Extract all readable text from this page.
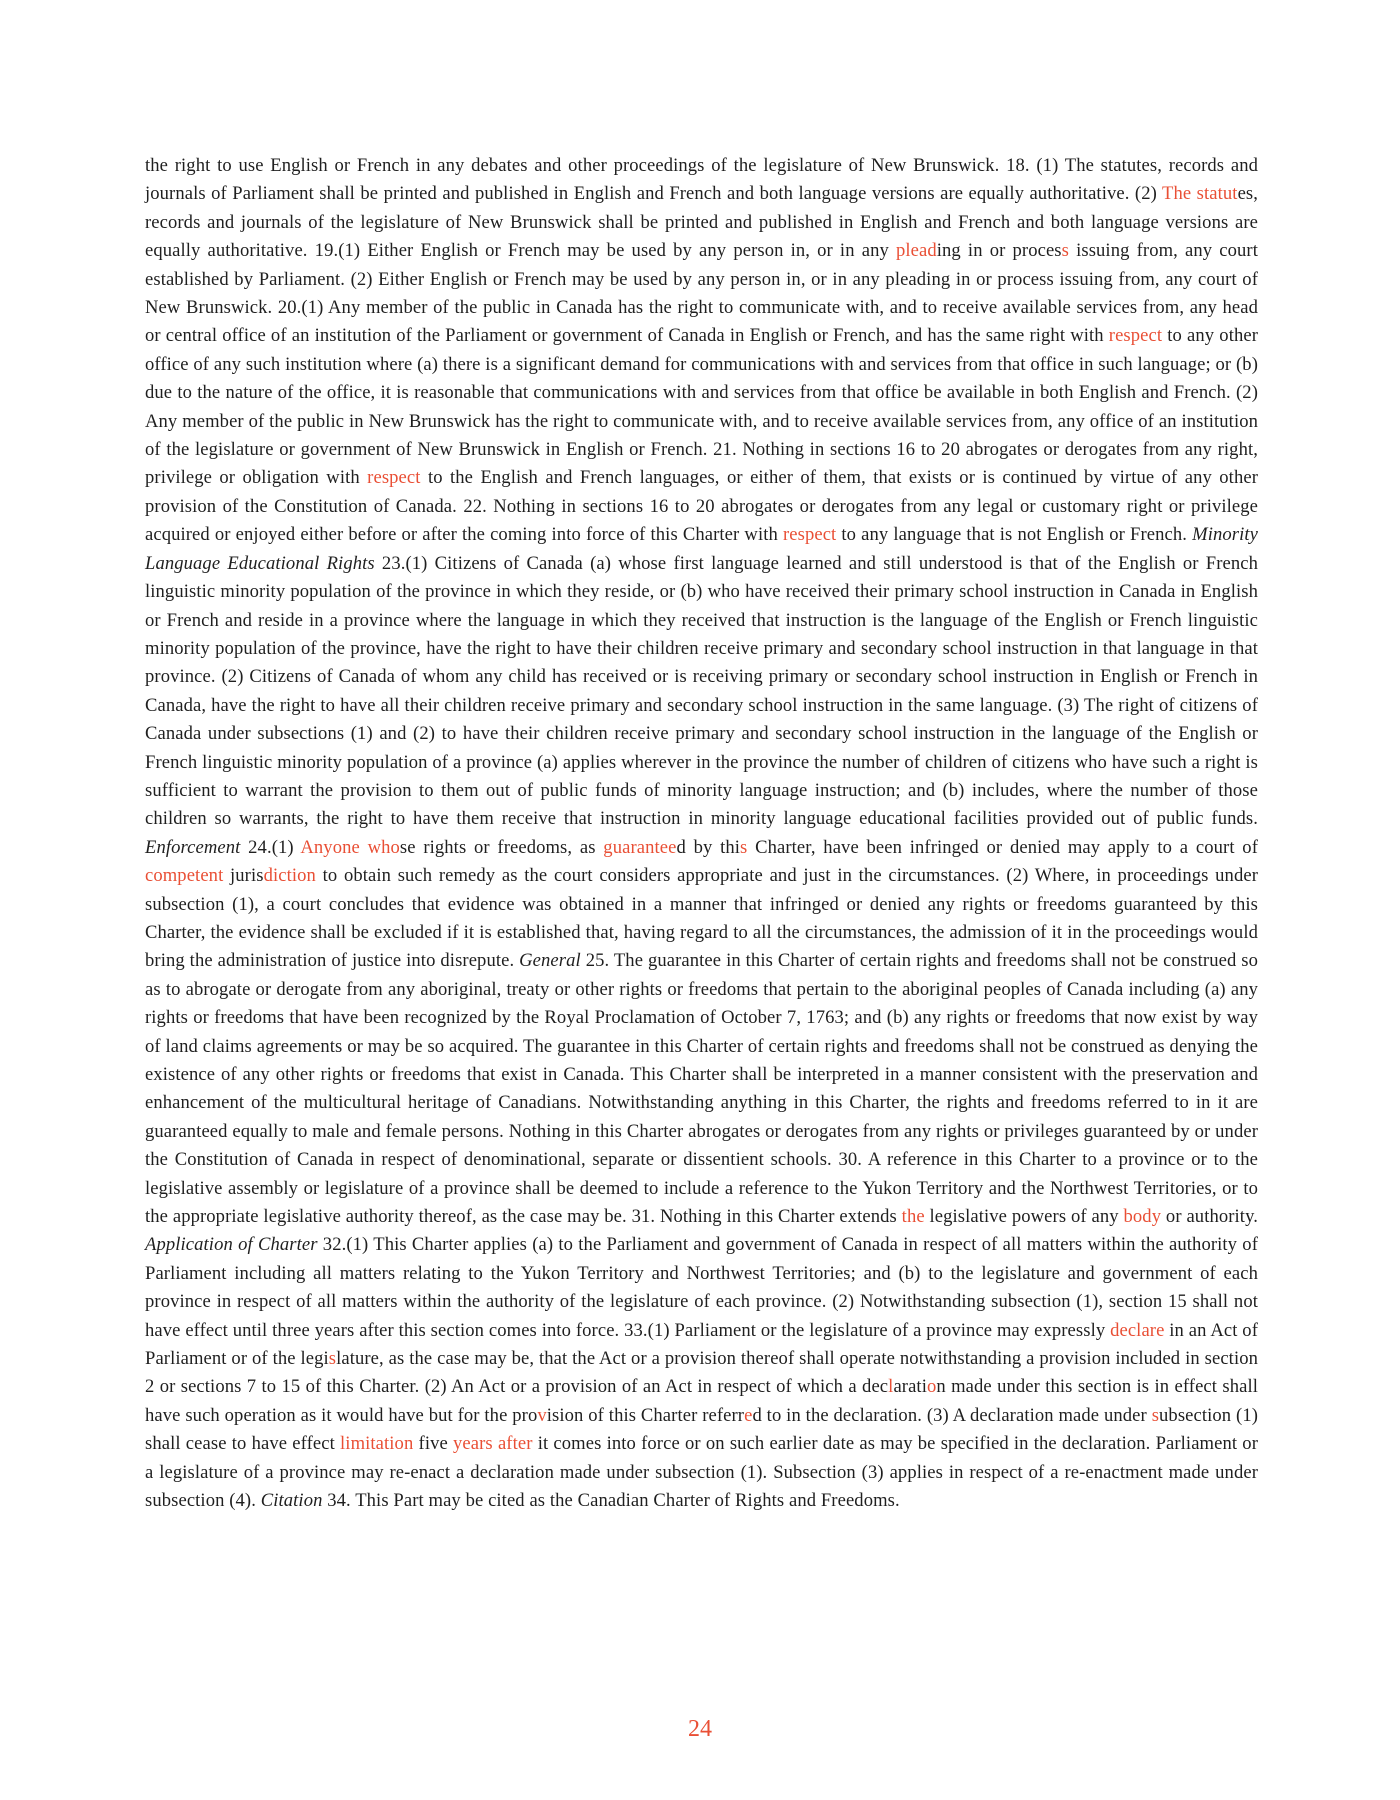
the right to use English or French in any debates and other proceedings of the legislature of New Brunswick. 18. (1) The statutes, records and journals of Parliament shall be printed and published in English and French and both language versions are equally authoritative. (2) The statutes, records and journals of the legislature of New Brunswick shall be printed and published in English and French and both language versions are equally authoritative. 19.(1) Either English or French may be used by any person in, or in any pleading in or process issuing from, any court established by Parliament. (2) Either English or French may be used by any person in, or in any pleading in or process issuing from, any court of New Brunswick. 20.(1) Any member of the public in Canada has the right to communicate with, and to receive available services from, any head or central office of an institution of the Parliament or government of Canada in English or French, and has the same right with respect to any other office of any such institution where (a) there is a significant demand for communications with and services from that office in such language; or (b) due to the nature of the office, it is reasonable that communications with and services from that office be available in both English and French. (2) Any member of the public in New Brunswick has the right to communicate with, and to receive available services from, any office of an institution of the legislature or government of New Brunswick in English or French. 21. Nothing in sections 16 to 20 abrogates or derogates from any right, privilege or obligation with respect to the English and French languages, or either of them, that exists or is continued by virtue of any other provision of the Constitution of Canada. 22. Nothing in sections 16 to 20 abrogates or derogates from any legal or customary right or privilege acquired or enjoyed either before or after the coming into force of this Charter with respect to any language that is not English or French. Minority Language Educational Rights 23.(1) Citizens of Canada (a) whose first language learned and still understood is that of the English or French linguistic minority population of the province in which they reside, or (b) who have received their primary school instruction in Canada in English or French and reside in a province where the language in which they received that instruction is the language of the English or French linguistic minority population of the province, have the right to have their children receive primary and secondary school instruction in that language in that province. (2) Citizens of Canada of whom any child has received or is receiving primary or secondary school instruction in English or French in Canada, have the right to have all their children receive primary and secondary school instruction in the same language. (3) The right of citizens of Canada under subsections (1) and (2) to have their children receive primary and secondary school instruction in the language of the English or French linguistic minority population of a province (a) applies wherever in the province the number of children of citizens who have such a right is sufficient to warrant the provision to them out of public funds of minority language instruction; and (b) includes, where the number of those children so warrants, the right to have them receive that instruction in minority language educational facilities provided out of public funds. Enforcement 24.(1) Anyone whose rights or freedoms, as guaranteed by this Charter, have been infringed or denied may apply to a court of competent jurisdiction to obtain such remedy as the court considers appropriate and just in the circumstances. (2) Where, in proceedings under subsection (1), a court concludes that evidence was obtained in a manner that infringed or denied any rights or freedoms guaranteed by this Charter, the evidence shall be excluded if it is established that, having regard to all the circumstances, the admission of it in the proceedings would bring the administration of justice into disrepute. General 25. The guarantee in this Charter of certain rights and freedoms shall not be construed so as to abrogate or derogate from any aboriginal, treaty or other rights or freedoms that pertain to the aboriginal peoples of Canada including (a) any rights or freedoms that have been recognized by the Royal Proclamation of October 7, 1763; and (b) any rights or freedoms that now exist by way of land claims agreements or may be so acquired. The guarantee in this Charter of certain rights and freedoms shall not be construed as denying the existence of any other rights or freedoms that exist in Canada. This Charter shall be interpreted in a manner consistent with the preservation and enhancement of the multicultural heritage of Canadians. Notwithstanding anything in this Charter, the rights and freedoms referred to in it are guaranteed equally to male and female persons. Nothing in this Charter abrogates or derogates from any rights or privileges guaranteed by or under the Constitution of Canada in respect of denominational, separate or dissentient schools. 30. A reference in this Charter to a province or to the legislative assembly or legislature of a province shall be deemed to include a reference to the Yukon Territory and the Northwest Territories, or to the appropriate legislative authority thereof, as the case may be. 31. Nothing in this Charter extends the legislative powers of any body or authority. Application of Charter 32.(1) This Charter applies (a) to the Parliament and government of Canada in respect of all matters within the authority of Parliament including all matters relating to the Yukon Territory and Northwest Territories; and (b) to the legislature and government of each province in respect of all matters within the authority of the legislature of each province. (2) Notwithstanding subsection (1), section 15 shall not have effect until three years after this section comes into force. 33.(1) Parliament or the legislature of a province may expressly declare in an Act of Parliament or of the legislature, as the case may be, that the Act or a provision thereof shall operate notwithstanding a provision included in section 2 or sections 7 to 15 of this Charter. (2) An Act or a provision of an Act in respect of which a declaration made under this section is in effect shall have such operation as it would have but for the provision of this Charter referred to in the declaration. (3) A declaration made under subsection (1) shall cease to have effect limitation five years after it comes into force or on such earlier date as may be specified in the declaration. Parliament or a legislature of a province may re-enact a declaration made under subsection (1). Subsection (3) applies in respect of a re-enactment made under subsection (4). Citation 34. This Part may be cited as the Canadian Charter of Rights and Freedoms.

24
